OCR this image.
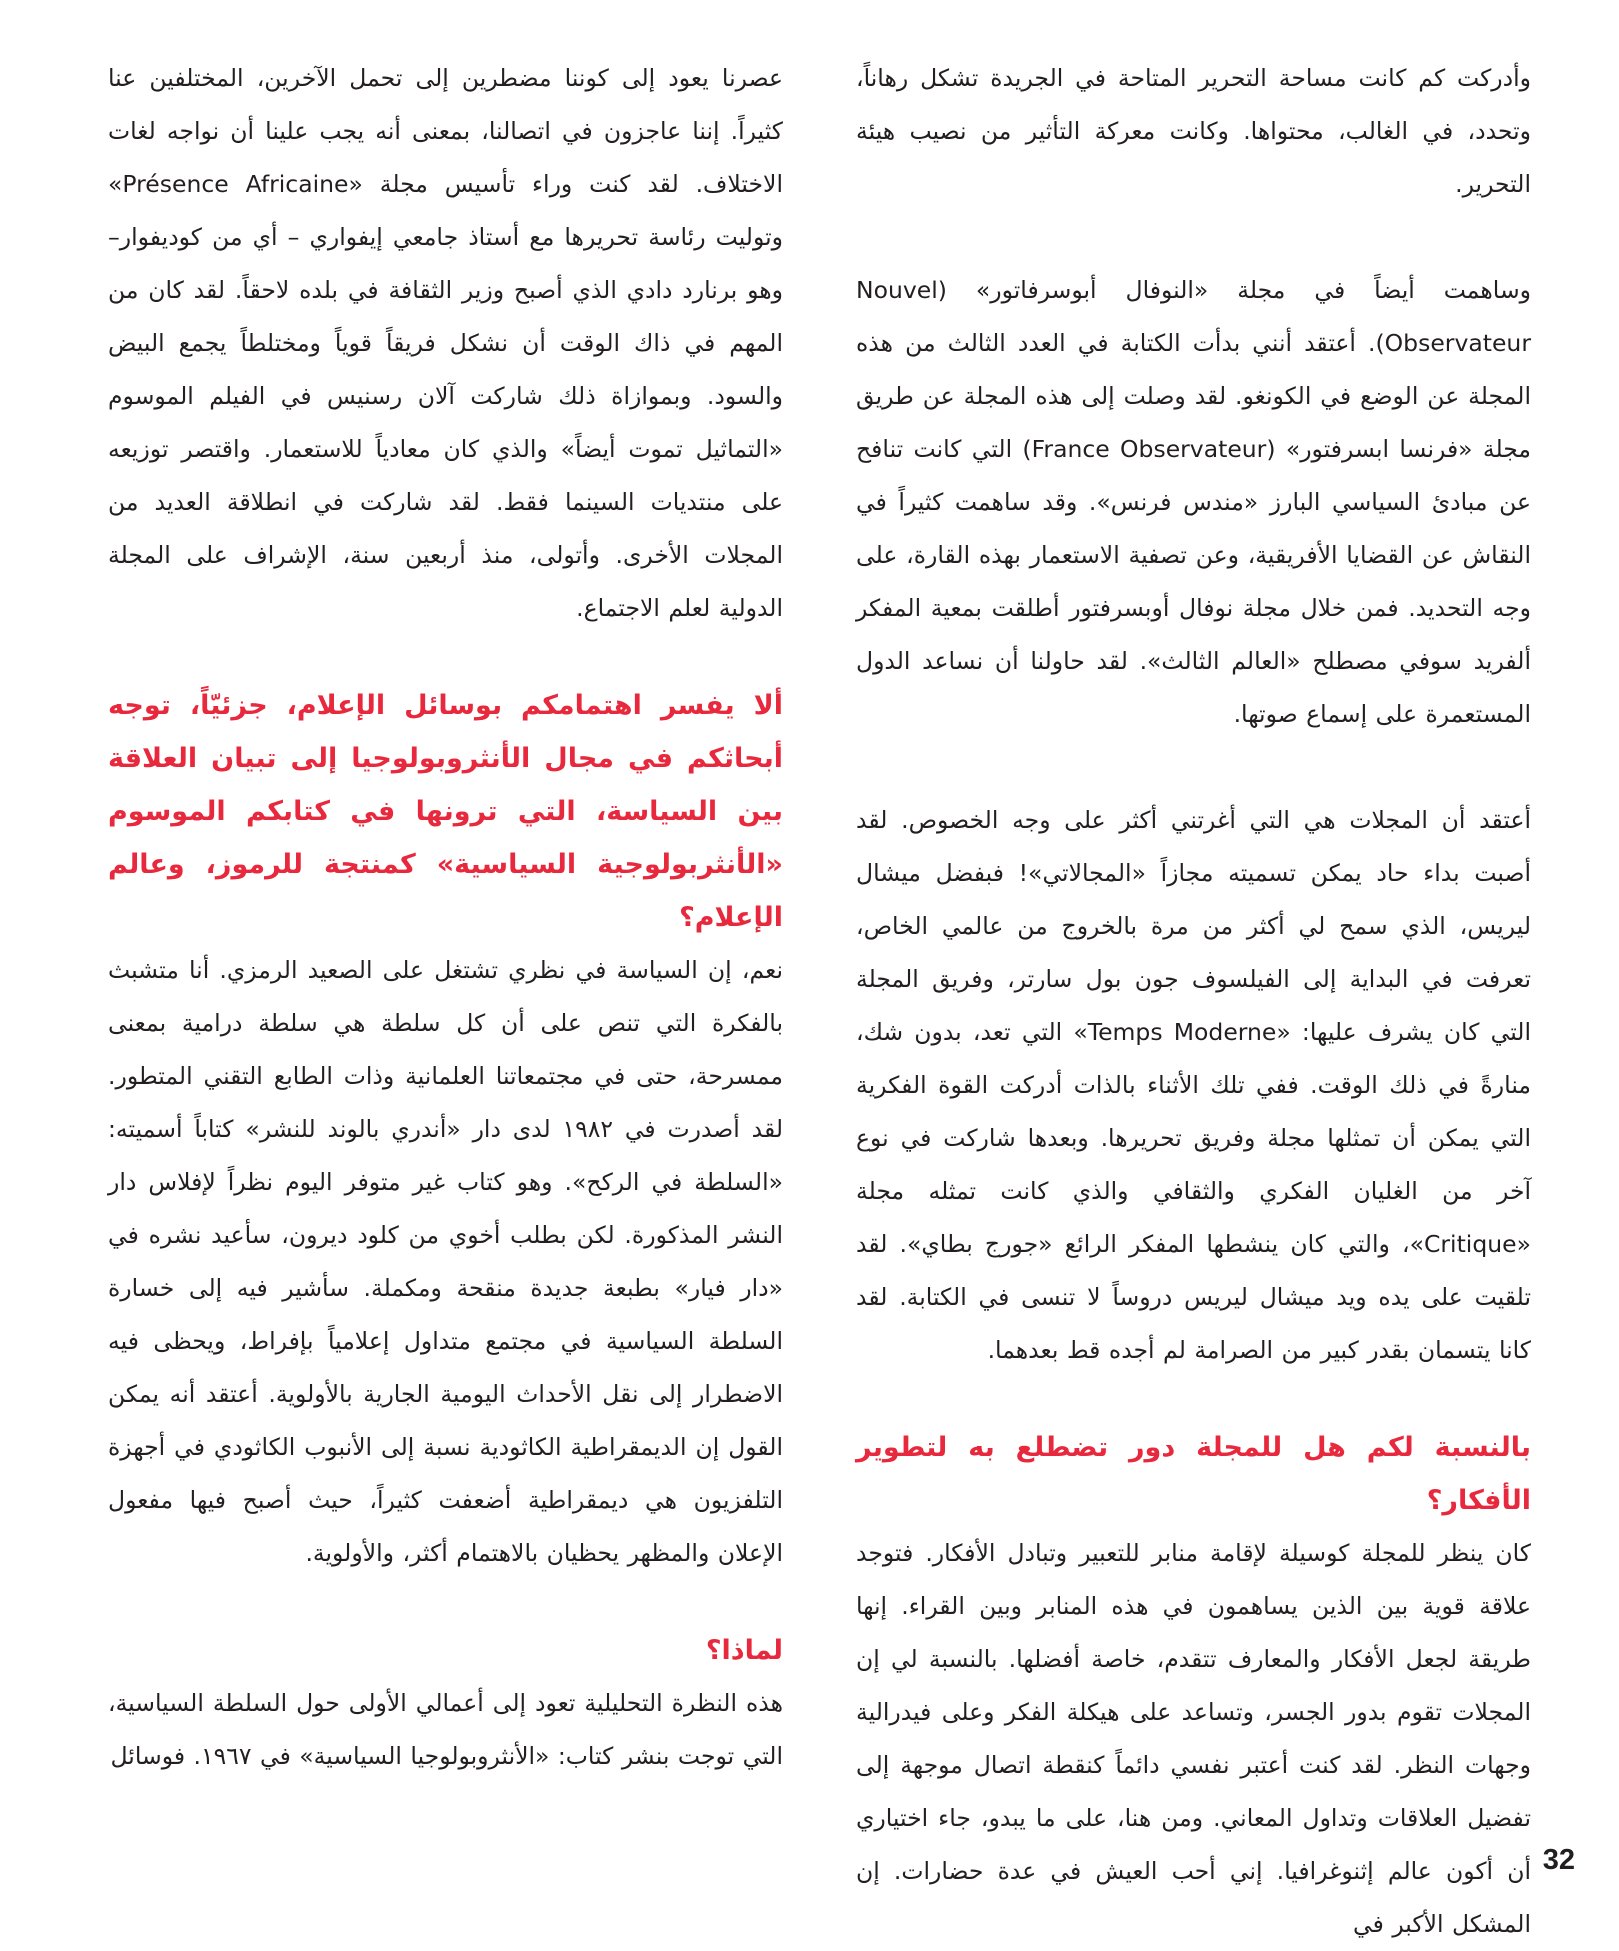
وأدركت كم كانت مساحة التحرير المتاحة في الجريدة تشكل رهاناً، وتحدد، في الغالب، محتواها. وكانت معركة التأثير من نصيب هيئة التحرير.

وساهمت أيضاً في مجلة «النوفال أبوسرفاتور» (Nouvel Observateur). أعتقد أنني بدأت الكتابة في العدد الثالث من هذه المجلة عن الوضع في الكونغو. لقد وصلت إلى هذه المجلة عن طريق مجلة «فرنسا ابسرفتور» (France Observateur) التي كانت تنافح عن مبادئ السياسي البارز «مندس فرنس». وقد ساهمت كثيراً في النقاش عن القضايا الأفريقية، وعن تصفية الاستعمار بهذه القارة، على وجه التحديد. فمن خلال مجلة نوفال أوبسرفتور أطلقت بمعية المفكر ألفريد سوفي مصطلح «العالم الثالث». لقد حاولنا أن نساعد الدول المستعمرة على إسماع صوتها.

أعتقد أن المجلات هي التي أغرتني أكثر على وجه الخصوص. لقد أصبت بداء حاد يمكن تسميته مجازاً «المجالاتي»! فبفضل ميشال ليريس، الذي سمح لي أكثر من مرة بالخروج من عالمي الخاص، تعرفت في البداية إلى الفيلسوف جون بول سارتر، وفريق المجلة التي كان يشرف عليها: «Temps Moderne» التي تعد، بدون شك، منارةً في ذلك الوقت. ففي تلك الأثناء بالذات أدركت القوة الفكرية التي يمكن أن تمثلها مجلة وفريق تحريرها. وبعدها شاركت في نوع آخر من الغليان الفكري والثقافي والذي كانت تمثله مجلة «Critique»، والتي كان ينشطها المفكر الرائع «جورج بطاي». لقد تلقيت على يده ويد ميشال ليريس دروساً لا تنسى في الكتابة. لقد كانا يتسمان بقدر كبير من الصرامة لم أجده قط بعدهما.

بالنسبة لكم هل للمجلة دور تضطلع به لتطوير الأفكار؟

كان ينظر للمجلة كوسيلة لإقامة منابر للتعبير وتبادل الأفكار. فتوجد علاقة قوية بين الذين يساهمون في هذه المنابر وبين القراء. إنها طريقة لجعل الأفكار والمعارف تتقدم، خاصة أفضلها. بالنسبة لي إن المجلات تقوم بدور الجسر، وتساعد على هيكلة الفكر وعلى فيدرالية وجهات النظر. لقد كنت أعتبر نفسي دائماً كنقطة اتصال موجهة إلى تفضيل العلاقات وتداول المعاني. ومن هنا، على ما يبدو، جاء اختياري أن أكون عالم إثنوغرافيا. إني أحب العيش في عدة حضارات. إن المشكل الأكبر في

عصرنا يعود إلى كوننا مضطرين إلى تحمل الآخرين، المختلفين عنا كثيراً. إننا عاجزون في اتصالنا، بمعنى أنه يجب علينا أن نواجه لغات الاختلاف. لقد كنت وراء تأسيس مجلة «Présence Africaine» وتوليت رئاسة تحريرها مع أستاذ جامعي إيفواري – أي من كوديفوار– وهو برنارد دادي الذي أصبح وزير الثقافة في بلده لاحقاً. لقد كان من المهم في ذاك الوقت أن نشكل فريقاً قوياً ومختلطاً يجمع البيض والسود. وبموازاة ذلك شاركت آلان رسنيس في الفيلم الموسوم «التماثيل تموت أيضاً» والذي كان معادياً للاستعمار. واقتصر توزيعه على منتديات السينما فقط. لقد شاركت في انطلاقة العديد من المجلات الأخرى. وأتولى، منذ أربعين سنة، الإشراف على المجلة الدولية لعلم الاجتماع.

ألا يفسر اهتمامكم بوسائل الإعلام، جزئيّاً، توجه أبحاثكم في مجال الأنثروبولوجيا إلى تبيان العلاقة بين السياسة، التي ترونها في كتابكم الموسوم «الأنثربولوجية السياسية» كمنتجة للرموز، وعالم الإعلام؟

نعم، إن السياسة في نظري تشتغل على الصعيد الرمزي. أنا متشبث بالفكرة التي تنص على أن كل سلطة هي سلطة درامية بمعنى ممسرحة، حتى في مجتمعاتنا العلمانية وذات الطابع التقني المتطور. لقد أصدرت في ١٩٨٢ لدى دار «أندري بالوند للنشر» كتاباً أسميته: «السلطة في الركح». وهو كتاب غير متوفر اليوم نظراً لإفلاس دار النشر المذكورة. لكن بطلب أخوي من كلود ديرون، سأعيد نشره في «دار فيار» بطبعة جديدة منقحة ومكملة. سأشير فيه إلى خسارة السلطة السياسية في مجتمع متداول إعلامياً بإفراط، ويحظى فيه الاضطرار إلى نقل الأحداث اليومية الجارية بالأولوية. أعتقد أنه يمكن القول إن الديمقراطية الكاثودية نسبة إلى الأنبوب الكاثودي في أجهزة التلفزيون هي ديمقراطية أضعفت كثيراً، حيث أصبح فيها مفعول الإعلان والمظهر يحظيان بالاهتمام أكثر، والأولوية.

لماذا؟

هذه النظرة التحليلية تعود إلى أعمالي الأولى حول السلطة السياسية، التي توجت بنشر كتاب: «الأنثروبولوجيا السياسية» في ١٩٦٧. فوسائل

32
